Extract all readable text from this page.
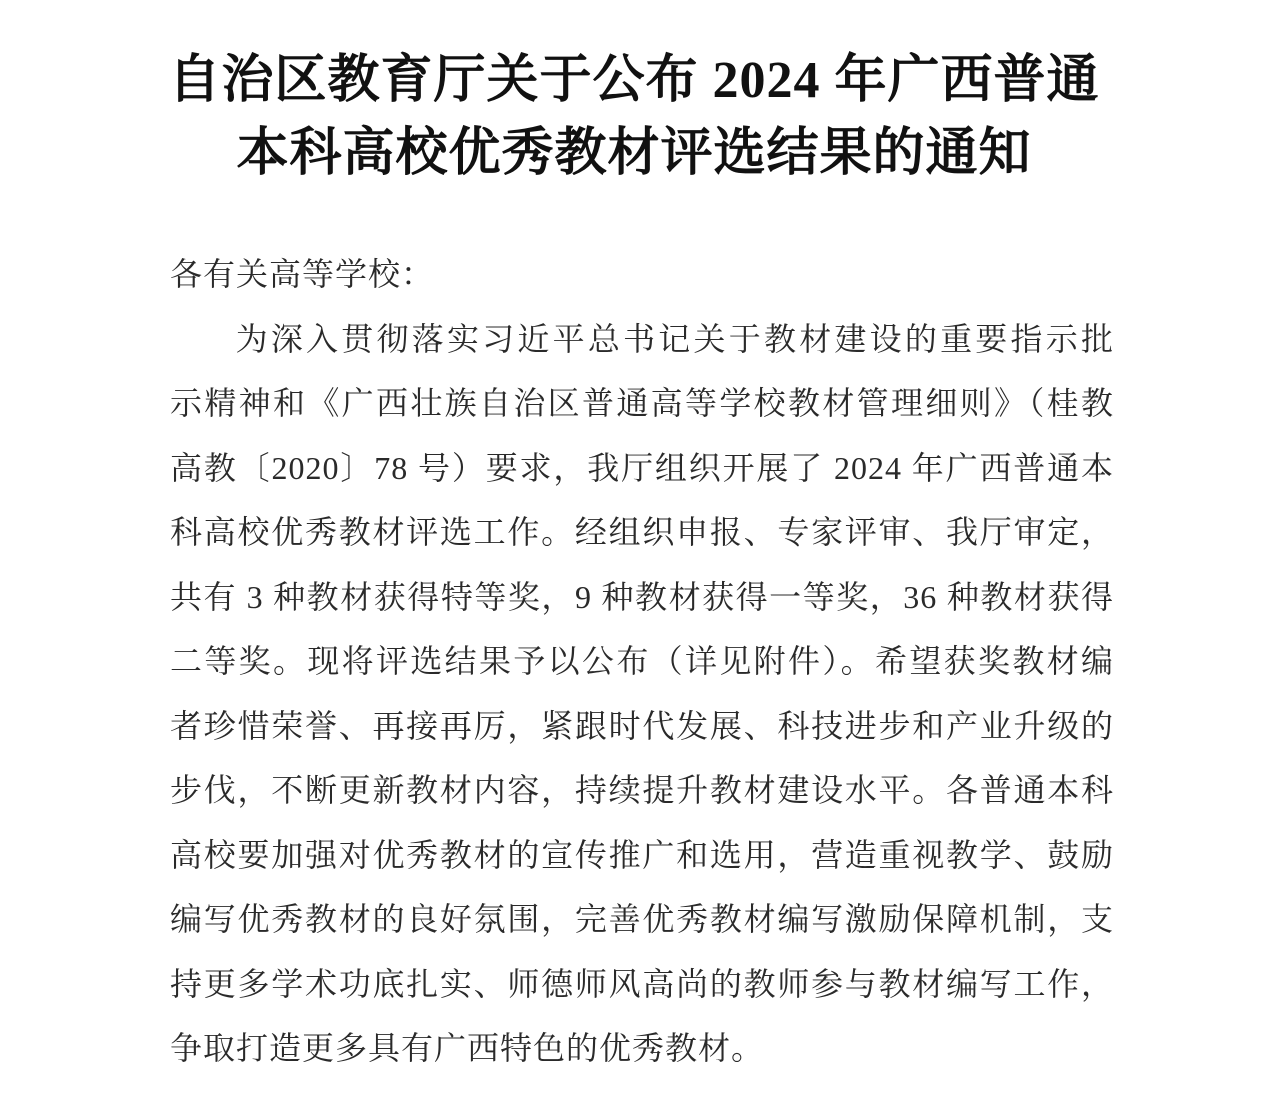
自治区教育厅关于公布 2024 年广西普通
本科高校优秀教材评选结果的通知
各有关高等学校：
为深入贯彻落实习近平总书记关于教材建设的重要指示批
示精神和《广西壮族自治区普通高等学校教材管理细则》（桂教
高教〔2020〕78 号）要求，我厅组织开展了 2024 年广西普通本
科高校优秀教材评选工作。经组织申报、专家评审、我厅审定，
共有 3 种教材获得特等奖，9 种教材获得一等奖，36 种教材获得
二等奖。现将评选结果予以公布（详见附件）。希望获奖教材编
者珍惜荣誉、再接再厉，紧跟时代发展、科技进步和产业升级的
步伐，不断更新教材内容，持续提升教材建设水平。各普通本科
高校要加强对优秀教材的宣传推广和选用，营造重视教学、鼓励
编写优秀教材的良好氛围，完善优秀教材编写激励保障机制，支
持更多学术功底扎实、师德师风高尚的教师参与教材编写工作，
争取打造更多具有广西特色的优秀教材。
